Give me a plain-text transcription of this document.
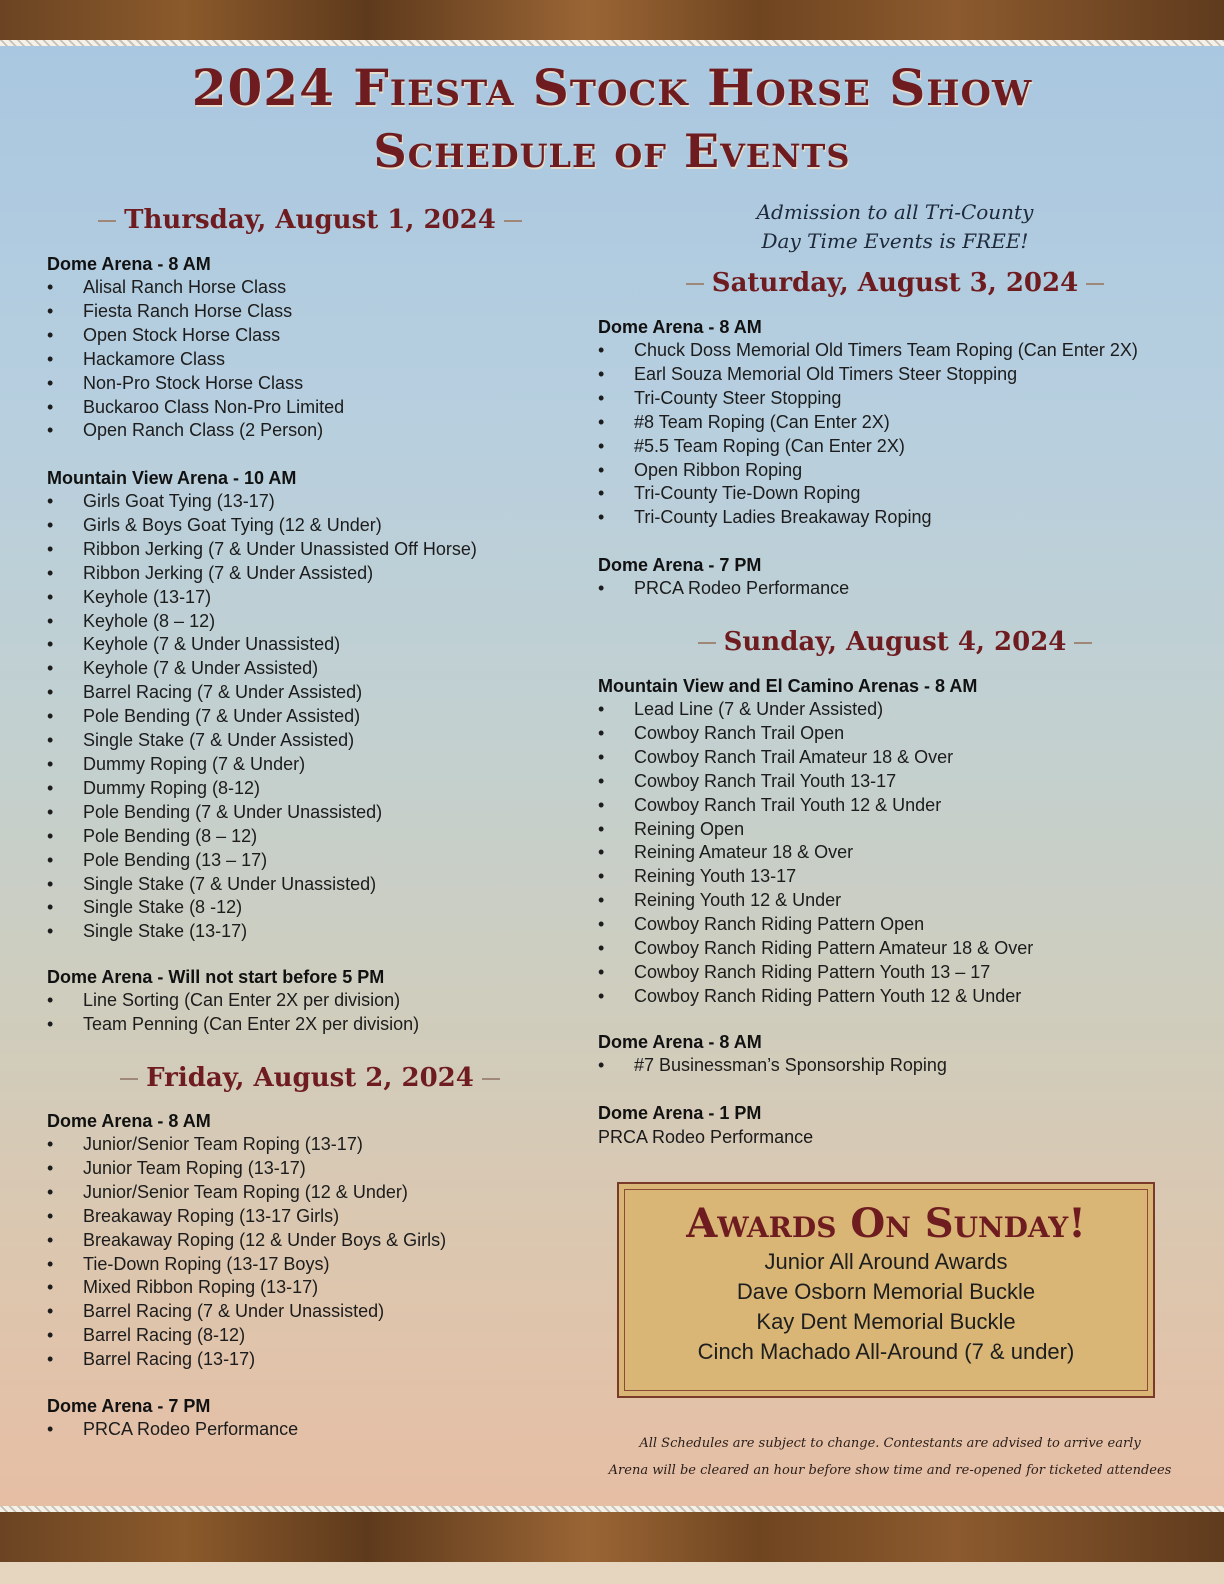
2024 Fiesta Stock Horse Show
Schedule of Events
Thursday, August 1, 2024
Dome Arena - 8 AM
• Alisal Ranch Horse Class
• Fiesta Ranch Horse Class
• Open Stock Horse Class
• Hackamore Class
• Non-Pro Stock Horse Class
• Buckaroo Class Non-Pro Limited
• Open Ranch Class (2 Person)
Mountain View Arena - 10 AM
• Girls Goat Tying (13-17)
• Girls & Boys Goat Tying (12 & Under)
• Ribbon Jerking (7 & Under Unassisted Off Horse)
• Ribbon Jerking (7 & Under Assisted)
• Keyhole (13-17)
• Keyhole (8 – 12)
• Keyhole (7 & Under Unassisted)
• Keyhole (7 & Under Assisted)
• Barrel Racing (7 & Under Assisted)
• Pole Bending (7 & Under Assisted)
• Single Stake (7 & Under Assisted)
• Dummy Roping (7 & Under)
• Dummy Roping (8-12)
• Pole Bending (7 & Under Unassisted)
• Pole Bending (8 – 12)
• Pole Bending (13 – 17)
• Single Stake (7 & Under Unassisted)
• Single Stake (8 -12)
• Single Stake (13-17)
Dome Arena - Will not start before 5 PM
• Line Sorting (Can Enter 2X per division)
• Team Penning (Can Enter 2X per division)
Friday, August 2, 2024
Dome Arena - 8 AM
• Junior/Senior Team Roping (13-17)
• Junior Team Roping (13-17)
• Junior/Senior Team Roping (12 & Under)
• Breakaway Roping (13-17 Girls)
• Breakaway Roping (12 & Under Boys & Girls)
• Tie-Down Roping (13-17 Boys)
• Mixed Ribbon Roping (13-17)
• Barrel Racing (7 & Under Unassisted)
• Barrel Racing (8-12)
• Barrel Racing (13-17)
Dome Arena - 7 PM
• PRCA Rodeo Performance
Admission to all Tri-County
Day Time Events is FREE!
Saturday, August 3, 2024
Dome Arena - 8 AM
• Chuck Doss Memorial Old Timers Team Roping (Can Enter 2X)
• Earl Souza Memorial Old Timers Steer Stopping
• Tri-County Steer Stopping
• #8 Team Roping (Can Enter 2X)
• #5.5 Team Roping (Can Enter 2X)
• Open Ribbon Roping
• Tri-County Tie-Down Roping
• Tri-County Ladies Breakaway Roping
Dome Arena - 7 PM
• PRCA Rodeo Performance
Sunday, August 4, 2024
Mountain View and El Camino Arenas - 8 AM
• Lead Line (7 & Under Assisted)
• Cowboy Ranch Trail Open
• Cowboy Ranch Trail Amateur 18 & Over
• Cowboy Ranch Trail Youth 13-17
• Cowboy Ranch Trail Youth 12 & Under
• Reining Open
• Reining Amateur 18 & Over
• Reining Youth 13-17
• Reining Youth 12 & Under
• Cowboy Ranch Riding Pattern Open
• Cowboy Ranch Riding Pattern Amateur 18 & Over
• Cowboy Ranch Riding Pattern Youth 13 – 17
• Cowboy Ranch Riding Pattern Youth 12 & Under
Dome Arena - 8 AM
• #7 Businessman’s Sponsorship Roping
Dome Arena - 1 PM
PRCA Rodeo Performance
Awards On Sunday!
Junior All Around Awards
Dave Osborn Memorial Buckle
Kay Dent Memorial Buckle
Cinch Machado All-Around (7 & under)
All Schedules are subject to change. Contestants are advised to arrive early
Arena will be cleared an hour before show time and re-opened for ticketed attendees
